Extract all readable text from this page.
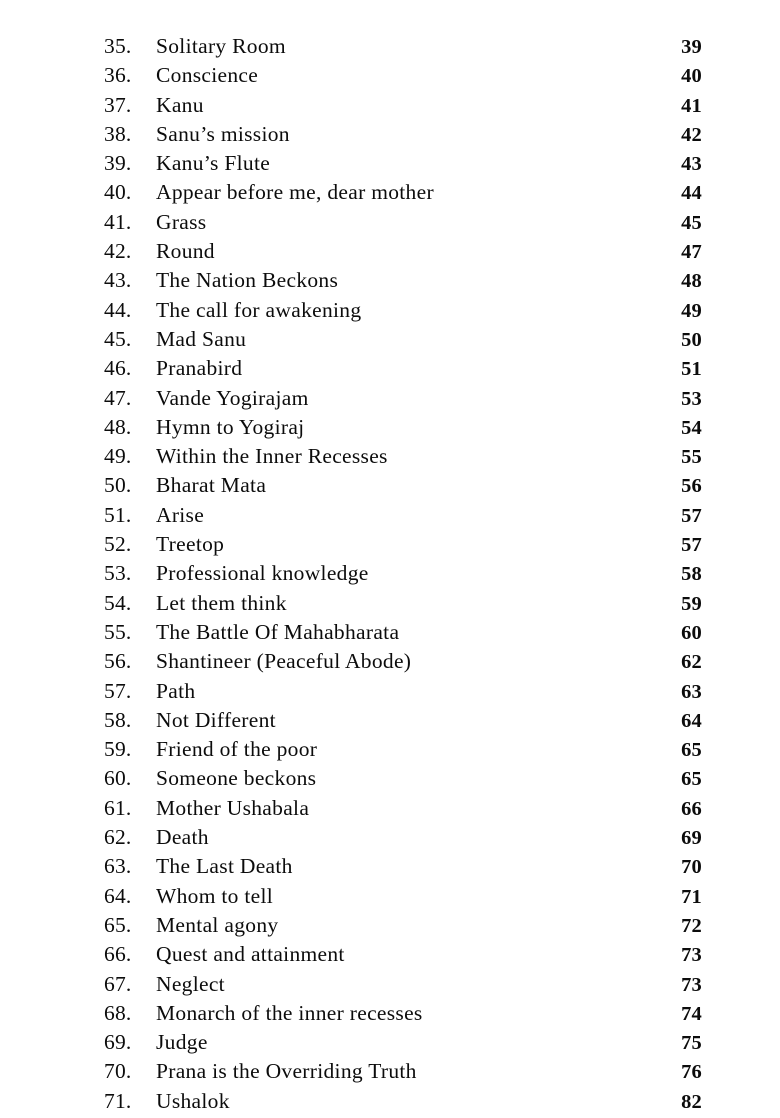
35.	Solitary Room	39
36.	Conscience	40
37.	Kanu	41
38.	Sanu’s mission	42
39.	Kanu’s Flute	43
40.	Appear before me, dear mother	44
41.	Grass	45
42.	Round	47
43.	The Nation Beckons	48
44.	The call for awakening	49
45.	Mad Sanu	50
46.	Pranabird	51
47.	Vande Yogirajam	53
48.	Hymn to Yogiraj	54
49.	Within the Inner Recesses	55
50.	Bharat Mata	56
51.	Arise	57
52.	Treetop	57
53.	Professional knowledge	58
54.	Let them think	59
55.	The Battle Of Mahabharata	60
56.	Shantineer (Peaceful Abode)	62
57.	Path	63
58.	Not Different	64
59.	Friend of the poor	65
60.	Someone beckons	65
61.	Mother Ushabala	66
62.	Death	69
63.	The Last Death	70
64.	Whom to tell	71
65.	Mental agony	72
66.	Quest and attainment	73
67.	Neglect	73
68.	Monarch of the inner recesses	74
69.	Judge	75
70.	Prana is the Overriding Truth	76
71.	Ushalok	82
